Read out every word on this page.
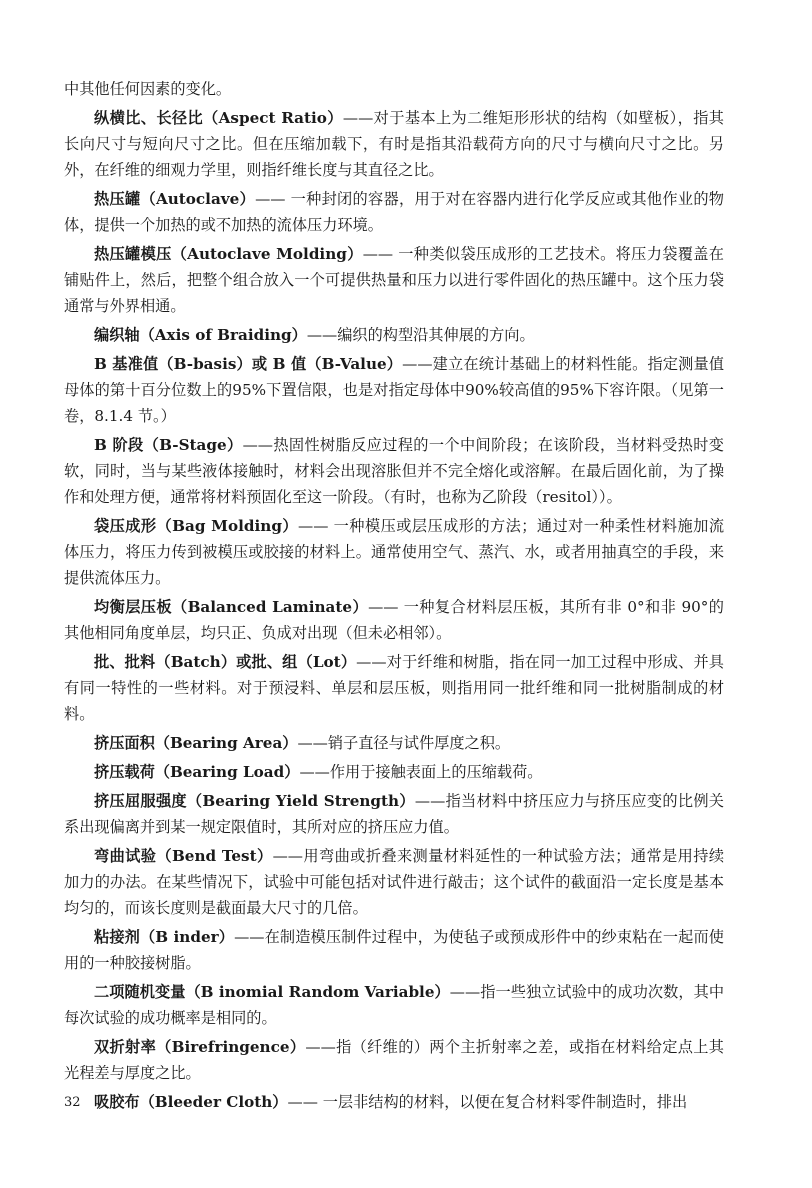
中其他任何因素的变化。

纵横比、长径比（Aspect Ratio）——对于基本上为二维矩形形状的结构（如壁板），指其长向尺寸与短向尺寸之比。但在压缩加载下，有时是指其沿载荷方向的尺寸与横向尺寸之比。另外，在纤维的细观力学里，则指纤维长度与其直径之比。

热压罐（Autoclave）—— 一种封闭的容器，用于对在容器内进行化学反应或其他作业的物体，提供一个加热的或不加热的流体压力环境。

热压罐模压（Autoclave Molding）—— 一种类似袋压成形的工艺技术。将压力袋覆盖在铺贴件上，然后，把整个组合放入一个可提供热量和压力以进行零件固化的热压罐中。这个压力袋通常与外界相通。

编织轴（Axis of Braiding）——编织的构型沿其伸展的方向。

B 基准值（B-basis）或 B 值（B-Value）——建立在统计基础上的材料性能。指定测量值母体的第十百分位数上的95%下置信限，也是对指定母体中90%较高值的95%下容许限。（见第一卷，8.1.4 节。）

B 阶段（B-Stage）——热固性树脂反应过程的一个中间阶段；在该阶段，当材料受热时变软，同时，当与某些液体接触时，材料会出现溶胀但并不完全熔化或溶解。在最后固化前，为了操作和处理方便，通常将材料预固化至这一阶段。（有时，也称为乙阶段（resitol））。

袋压成形（Bag Molding）—— 一种模压或层压成形的方法；通过对一种柔性材料施加流体压力，将压力传到被模压或胶接的材料上。通常使用空气、蒸汽、水，或者用抽真空的手段，来提供流体压力。

均衡层压板（Balanced Laminate）—— 一种复合材料层压板，其所有非 0°和非 90°的其他相同角度单层，均只正、负成对出现（但未必相邻）。

批、批料（Batch）或批、组（Lot）——对于纤维和树脂，指在同一加工过程中形成、并具有同一特性的一些材料。对于预浸料、单层和层压板，则指用同一批纤维和同一批树脂制成的材料。

挤压面积（Bearing Area）——销子直径与试件厚度之积。

挤压载荷（Bearing Load）——作用于接触表面上的压缩载荷。

挤压屈服强度（Bearing Yield Strength）——指当材料中挤压应力与挤压应变的比例关系出现偏离并到某一规定限值时，其所对应的挤压应力值。

弯曲试验（Bend Test）——用弯曲或折叠来测量材料延性的一种试验方法；通常是用持续加力的办法。在某些情况下，试验中可能包括对试件进行敲击；这个试件的截面沿一定长度是基本均匀的，而该长度则是截面最大尺寸的几倍。

粘接剂（B inder）——在制造模压制件过程中，为使毡子或预成形件中的纱束粘在一起而使用的一种胶接树脂。

二项随机变量（B inomial Random Variable）——指一些独立试验中的成功次数，其中每次试验的成功概率是相同的。

双折射率（Birefringence）——指（纤维的）两个主折射率之差，或指在材料给定点上其光程差与厚度之比。

吸胶布（Bleeder Cloth）—— 一层非结构的材料，以便在复合材料零件制造时，排出

32
